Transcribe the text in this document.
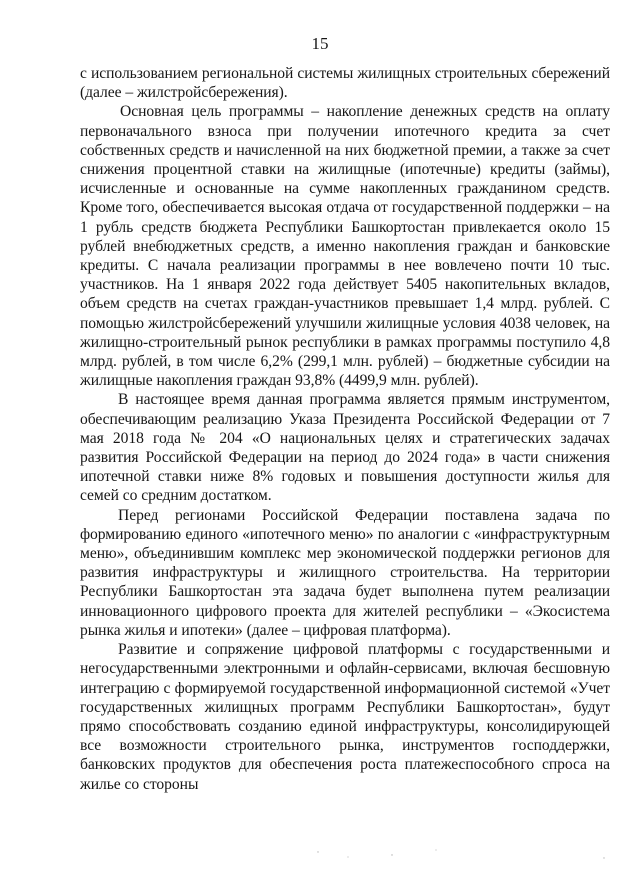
15

с использованием региональной системы жилищных строительных сбережений (далее – жилстройсбережения).

Основная цель программы – накопление денежных средств на оплату первоначального взноса при получении ипотечного кредита за счет собственных средств и начисленной на них бюджетной премии, а также за счет снижения процентной ставки на жилищные (ипотечные) кредиты (займы), исчисленные и основанные на сумме накопленных гражданином средств. Кроме того, обеспечивается высокая отдача от государственной поддержки – на 1 рубль средств бюджета Республики Башкортостан привлекается около 15 рублей внебюджетных средств, а именно накопления граждан и банковские кредиты. С начала реализации программы в нее вовлечено почти 10 тыс. участников. На 1 января 2022 года действует 5405 накопительных вкладов, объем средств на счетах граждан-участников превышает 1,4 млрд. рублей. С помощью жилстройсбережений улучшили жилищные условия 4038 человек, на жилищно-строительный рынок республики в рамках программы поступило 4,8 млрд. рублей, в том числе 6,2% (299,1 млн. рублей) – бюджетные субсидии на жилищные накопления граждан 93,8% (4499,9 млн. рублей).

В настоящее время данная программа является прямым инструментом, обеспечивающим реализацию Указа Президента Российской Федерации от 7 мая 2018 года № 204 «О национальных целях и стратегических задачах развития Российской Федерации на период до 2024 года» в части снижения ипотечной ставки ниже 8% годовых и повышения доступности жилья для семей со средним достатком.

Перед регионами Российской Федерации поставлена задача по формированию единого «ипотечного меню» по аналогии с «инфраструктурным меню», объединившим комплекс мер экономической поддержки регионов для развития инфраструктуры и жилищного строительства. На территории Республики Башкортостан эта задача будет выполнена путем реализации инновационного цифрового проекта для жителей республики – «Экосистема рынка жилья и ипотеки» (далее – цифровая платформа).

Развитие и сопряжение цифровой платформы с государственными и негосударственными электронными и офлайн-сервисами, включая бесшовную интеграцию с формируемой государственной информационной системой «Учет государственных жилищных программ Республики Башкортостан», будут прямо способствовать созданию единой инфраструктуры, консолидирующей все возможности строительного рынка, инструментов господдержки, банковских продуктов для обеспечения роста платежеспособного спроса на жилье со стороны
